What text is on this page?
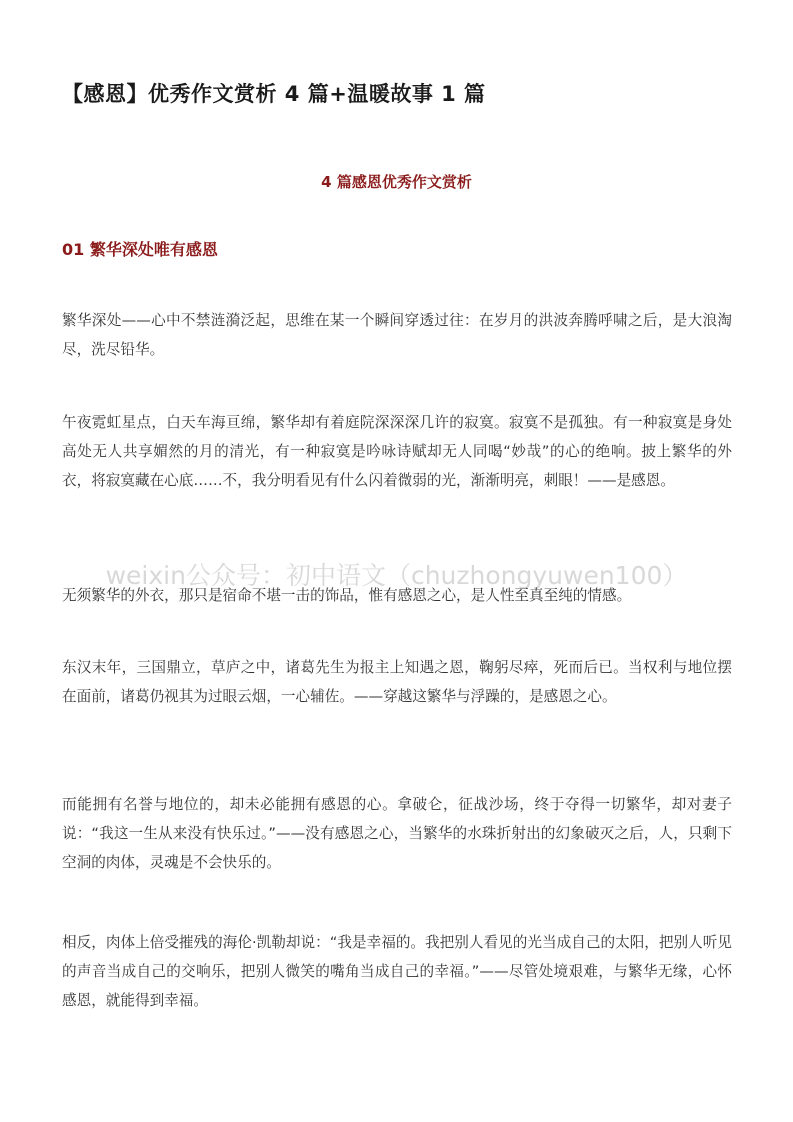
【感恩】优秀作文赏析 4 篇+温暖故事 1 篇
4 篇感恩优秀作文赏析
01 繁华深处唯有感恩

繁华深处——心中不禁涟漪泛起，思维在某一个瞬间穿透过往：在岁月的洪波奔腾呼啸之后，是大浪淘尽，洗尽铅华。

午夜霓虹星点，白天车海亘绵，繁华却有着庭院深深深几许的寂寞。寂寞不是孤独。有一种寂寞是身处高处无人共享媚然的月的清光，有一种寂寞是吟咏诗赋却无人同喝“妙哉”的心的绝响。披上繁华的外衣，将寂寞藏在心底……不，我分明看见有什么闪着微弱的光，渐渐明亮，刺眼！——是感恩。

weixin公众号：初中语文（chuzhongyuwen100）

无须繁华的外衣，那只是宿命不堪一击的饰品，惟有感恩之心，是人性至真至纯的情感。

东汉末年，三国鼎立，草庐之中，诸葛先生为报主上知遇之恩，鞠躬尽瘁，死而后已。当权利与地位摆在面前，诸葛仍视其为过眼云烟，一心辅佐。——穿越这繁华与浮躁的，是感恩之心。

而能拥有名誉与地位的，却未必能拥有感恩的心。拿破仑，征战沙场，终于夺得一切繁华，却对妻子说：“我这一生从来没有快乐过。”——没有感恩之心，当繁华的水珠折射出的幻象破灭之后，人，只剩下空洞的肉体，灵魂是不会快乐的。

相反，肉体上倍受摧残的海伦·凯勒却说：“我是幸福的。我把别人看见的光当成自己的太阳，把别人听见的声音当成自己的交响乐，把别人微笑的嘴角当成自己的幸福。”——尽管处境艰难，与繁华无缘，心怀感恩，就能得到幸福。
